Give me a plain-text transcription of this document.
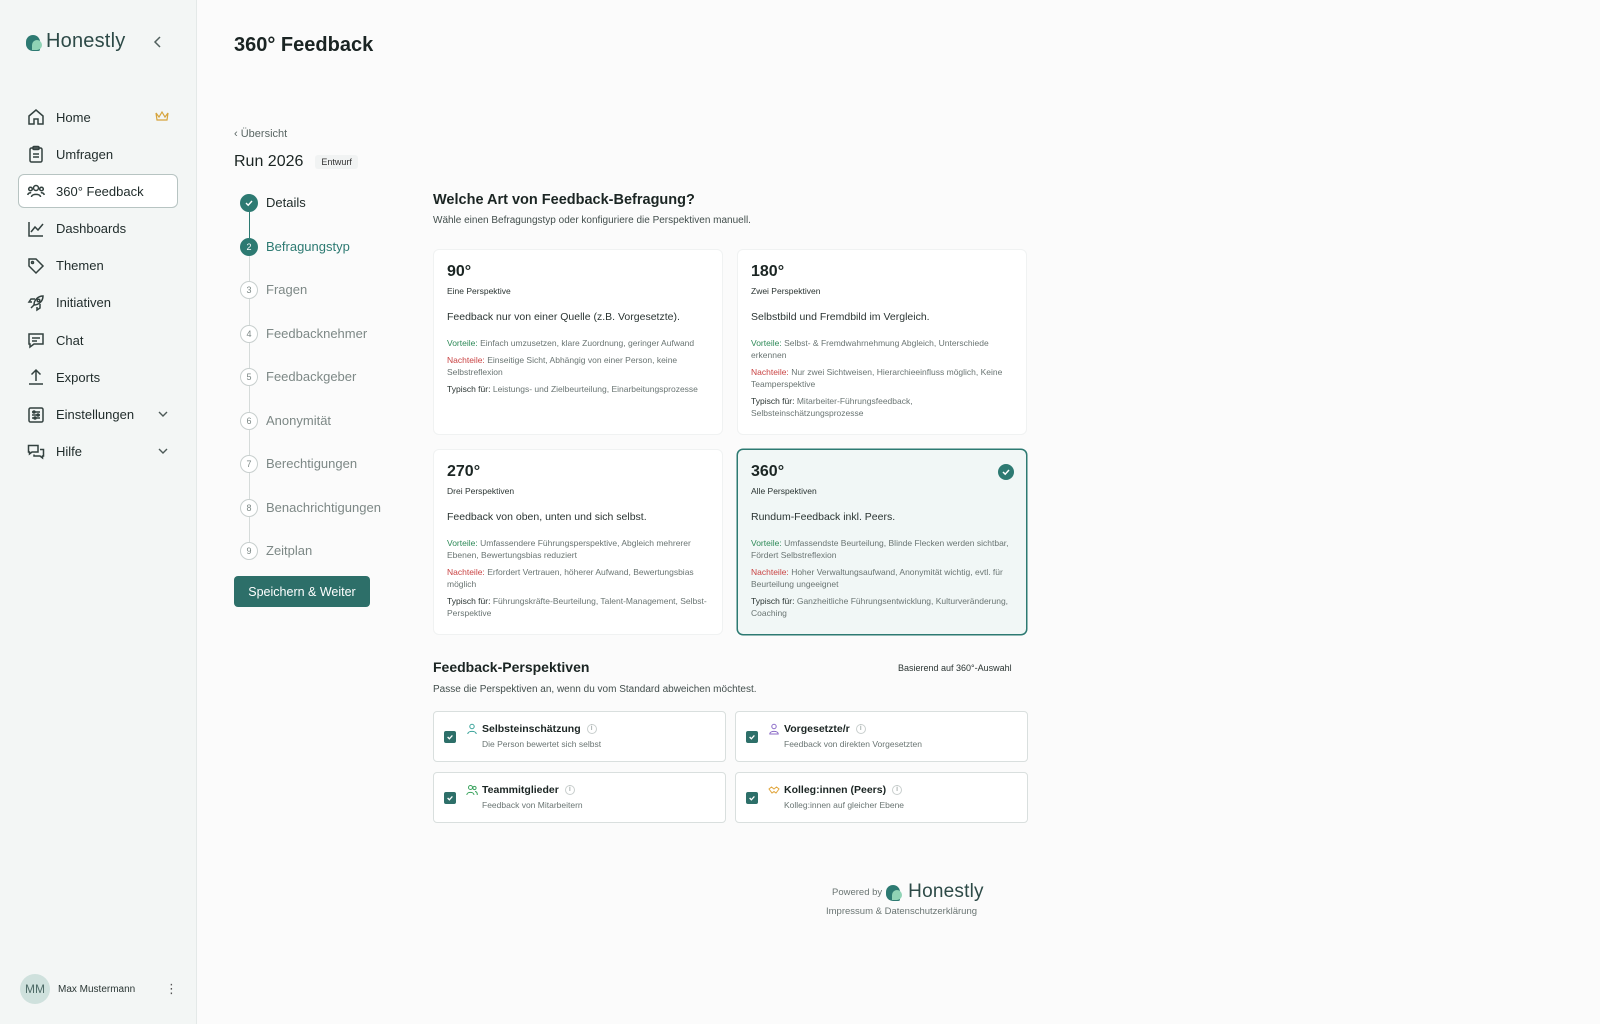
Honestly
Home
Umfragen
360° Feedback
Dashboards
Themen
Initiativen
Chat
Exports
Einstellungen
Hilfe
MM	Max Mustermann	⋮
360° Feedback
‹ Übersicht
Run 2026	Entwurf
Details
2	Befragungstyp
3	Fragen
4	Feedbacknehmer
5	Feedbackgeber
6	Anonymität
7	Berechtigungen
8	Benachrichtigungen
9	Zeitplan
Speichern & Weiter
Welche Art von Feedback-Befragung?

Wähle einen Befragungstyp oder konfiguriere die Perspektiven manuell.

90°
Eine Perspektive
Feedback nur von einer Quelle (z.B. Vorgesetzte).
Vorteile: Einfach umzusetzen, klare Zuordnung, geringer Aufwand
Nachteile: Einseitige Sicht, Abhängig von einer Person, keine Selbstreflexion
Typisch für: Leistungs- und Zielbeurteilung, Einarbeitungsprozesse
180°
Zwei Perspektiven
Selbstbild und Fremdbild im Vergleich.
Vorteile: Selbst- & Fremdwahrnehmung Abgleich, Unterschiede erkennen
Nachteile: Nur zwei Sichtweisen, Hierarchieeinfluss möglich, Keine Teamperspektive
Typisch für: Mitarbeiter-Führungsfeedback, Selbsteinschätzungsprozesse
270°
Drei Perspektiven
Feedback von oben, unten und sich selbst.
Vorteile: Umfassendere Führungsperspektive, Abgleich mehrerer Ebenen, Bewertungsbias reduziert
Nachteile: Erfordert Vertrauen, höherer Aufwand, Bewertungsbias möglich
Typisch für: Führungskräfte-Beurteilung, Talent-Management, Selbst-Perspektive
360°
Alle Perspektiven
Rundum-Feedback inkl. Peers.
Vorteile: Umfassendste Beurteilung, Blinde Flecken werden sichtbar, Fördert Selbstreflexion
Nachteile: Hoher Verwaltungsaufwand, Anonymität wichtig, evtl. für Beurteilung ungeeignet
Typisch für: Ganzheitliche Führungsentwicklung, Kulturveränderung, Coaching
Feedback-Perspektiven

Passe die Perspektiven an, wenn du vom Standard abweichen möchtest.

Basierend auf 360°-Auswahl
Selbsteinschätzung	i
Die Person bewertet sich selbst
Vorgesetzte/r	i
Feedback von direkten Vorgesetzten
Teammitglieder	i
Feedback von Mitarbeitern
Kolleg:innen (Peers)	i
Kolleg:innen auf gleicher Ebene
Powered by Honestly
Impressum & Datenschutzerklärung
